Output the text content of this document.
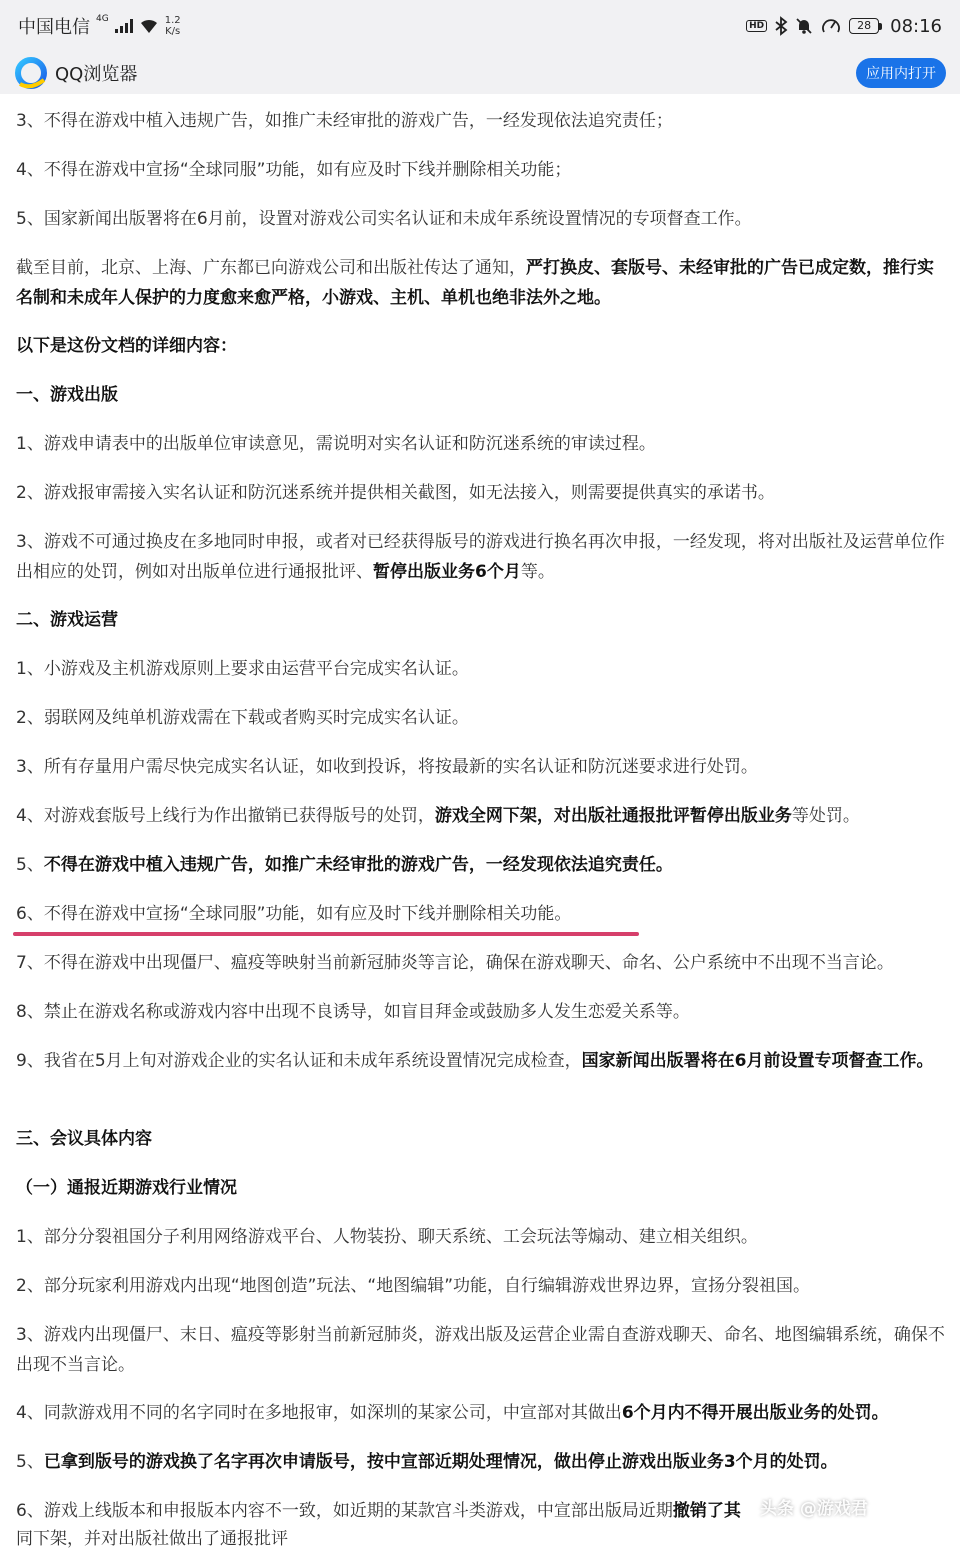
中国电信 4G	1.2
K/s	HD	28	08:16
QQ浏览器	应用内打开
3、不得在游戏中植入违规广告，如推广未经审批的游戏广告，一经发现依法追究责任；
4、不得在游戏中宣扬“全球同服”功能，如有应及时下线并删除相关功能；
5、国家新闻出版署将在6月前，设置对游戏公司实名认证和未成年系统设置情况的专项督查工作。
截至目前，北京、上海、广东都已向游戏公司和出版社传达了通知，严打换皮、套版号、未经审批的广告已成定数，推行实名制和未成年人保护的力度愈来愈严格，小游戏、主机、单机也绝非法外之地。
以下是这份文档的详细内容：
一、游戏出版
1、游戏申请表中的出版单位审读意见，需说明对实名认证和防沉迷系统的审读过程。
2、游戏报审需接入实名认证和防沉迷系统并提供相关截图，如无法接入，则需要提供真实的承诺书。
3、游戏不可通过换皮在多地同时申报，或者对已经获得版号的游戏进行换名再次申报，一经发现，将对出版社及运营单位作出相应的处罚，例如对出版单位进行通报批评、暂停出版业务6个月等。
二、游戏运营
1、小游戏及主机游戏原则上要求由运营平台完成实名认证。
2、弱联网及纯单机游戏需在下载或者购买时完成实名认证。
3、所有存量用户需尽快完成实名认证，如收到投诉，将按最新的实名认证和防沉迷要求进行处罚。
4、对游戏套版号上线行为作出撤销已获得版号的处罚，游戏全网下架，对出版社通报批评暂停出版业务等处罚。
5、不得在游戏中植入违规广告，如推广未经审批的游戏广告，一经发现依法追究责任。
6、不得在游戏中宣扬“全球同服”功能，如有应及时下线并删除相关功能。
7、不得在游戏中出现僵尸、瘟疫等映射当前新冠肺炎等言论，确保在游戏聊天、命名、公户系统中不出现不当言论。
8、禁止在游戏名称或游戏内容中出现不良诱导，如盲目拜金或鼓励多人发生恋爱关系等。
9、我省在5月上旬对游戏企业的实名认证和未成年系统设置情况完成检查，国家新闻出版署将在6月前设置专项督查工作。
三、会议具体内容
（一）通报近期游戏行业情况
1、部分分裂祖国分子利用网络游戏平台、人物装扮、聊天系统、工会玩法等煽动、建立相关组织。
2、部分玩家利用游戏内出现“地图创造”玩法、“地图编辑”功能，自行编辑游戏世界边界，宣扬分裂祖国。
3、游戏内出现僵尸、末日、瘟疫等影射当前新冠肺炎，游戏出版及运营企业需自查游戏聊天、命名、地图编辑系统，确保不出现不当言论。
4、同款游戏用不同的名字同时在多地报审，如深圳的某家公司，中宣部对其做出6个月内不得开展出版业务的处罚。
5、已拿到版号的游戏换了名字再次申请版号，按中宣部近期处理情况，做出停止游戏出版业务3个月的处罚。
6、游戏上线版本和申报版本内容不一致，如近期的某款宫斗类游戏，中宣部出版局近期撤销了其
同下架，并对出版社做出了通报批评
头条 @游戏君
